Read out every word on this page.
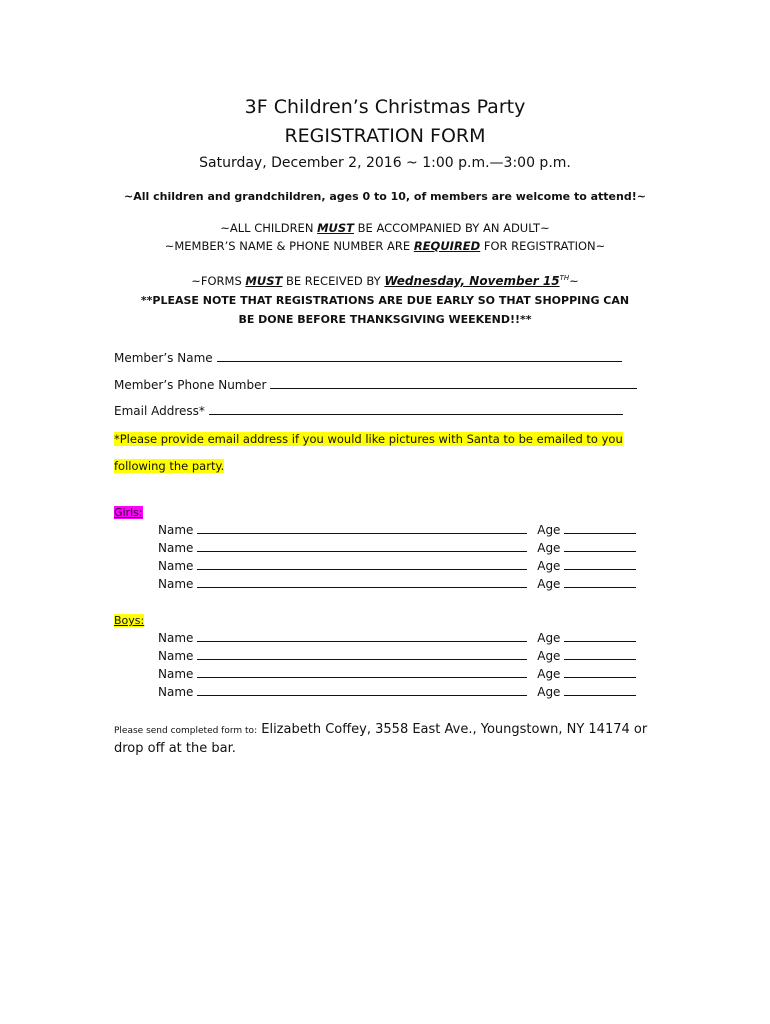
3F Children’s Christmas Party
REGISTRATION FORM
Saturday, December 2, 2016 ~ 1:00 p.m.—3:00 p.m.
~All children and grandchildren, ages 0 to 10, of members are welcome to attend!~
~ALL CHILDREN MUST BE ACCOMPANIED BY AN ADULT~
~MEMBER’S NAME & PHONE NUMBER ARE REQUIRED FOR REGISTRATION~
~FORMS MUST BE RECEIVED BY Wednesday, November 15TH~
**PLEASE NOTE THAT REGISTRATIONS ARE DUE EARLY SO THAT SHOPPING CAN
BE DONE BEFORE THANKSGIVING WEEKEND!!**
Member’s Name
Member’s Phone Number
Email Address*
*Please provide email address if you would like pictures with Santa to be emailed to you
following the party.
Girls:
Name	Age
Name	Age
Name	Age
Name	Age
Boys:
Name	Age
Name	Age
Name	Age
Name	Age
Please send completed form to: Elizabeth Coffey, 3558 East Ave., Youngstown, NY 14174 or
drop off at the bar.
